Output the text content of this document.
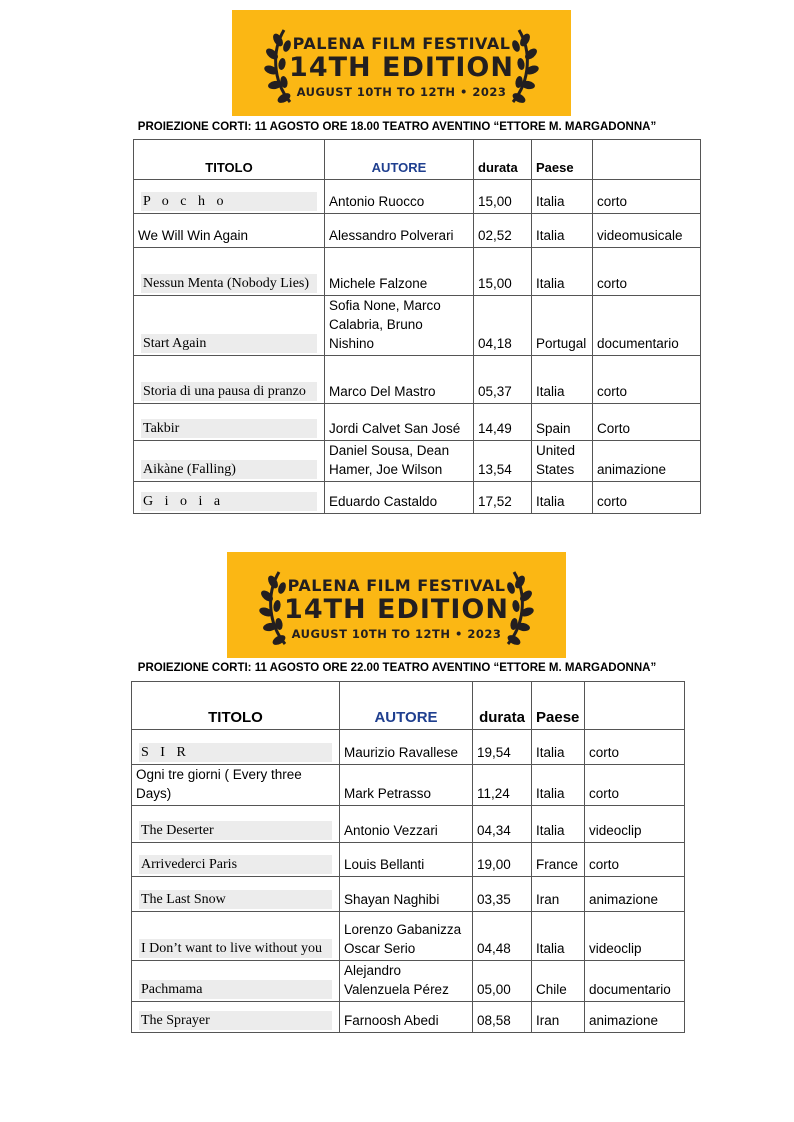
PALENA FILM FESTIVAL
14TH EDITION
AUGUST 10TH TO 12TH • 2023
PROIEZIONE CORTI: 11 AGOSTO ORE 18.00 TEATRO AVENTINO “ETTORE M. MARGADONNA”
TITOLO	AUTORE	durata	Paese	

P o c h o	Antonio Ruocco	15,00	Italia	corto
We Will Win Again	Alessandro Polverari	02,52	Italia	videomusicale

Nessun Menta (Nobody Lies)	Michele Falzone	15,00	Italia	corto

Start Again	Sofia None, Marco Calabria, Bruno Nishino	04,18	Portugal	documentario

Storia di una pausa di pranzo	Marco Del Mastro	05,37	Italia	corto

Takbir	Jordi Calvet San José	14,49	Spain	Corto

Aikàne (Falling)	Daniel Sousa, Dean Hamer, Joe Wilson	13,54	United States	animazione

G i o i a	Eduardo Castaldo	17,52	Italia	corto
PALENA FILM FESTIVAL
14TH EDITION
AUGUST 10TH TO 12TH • 2023
PROIEZIONE CORTI: 11 AGOSTO ORE 22.00 TEATRO AVENTINO “ETTORE M. MARGADONNA”
TITOLO	AUTORE	durata	Paese	

S I R	Maurizio Ravallese	19,54	Italia	corto
Ogni tre giorni ( Every three Days)	Mark Petrasso	11,24	Italia	corto

The Deserter	Antonio Vezzari	04,34	Italia	videoclip

Arrivederci Paris	Louis Bellanti	19,00	France	corto

The Last Snow	Shayan Naghibi	03,35	Iran	animazione

I Don’t want to live without you	Lorenzo Gabanizza Oscar Serio	04,48	Italia	videoclip

Pachmama	Alejandro Valenzuela Pérez	05,00	Chile	documentario

The Sprayer	Farnoosh Abedi	08,58	Iran	animazione
